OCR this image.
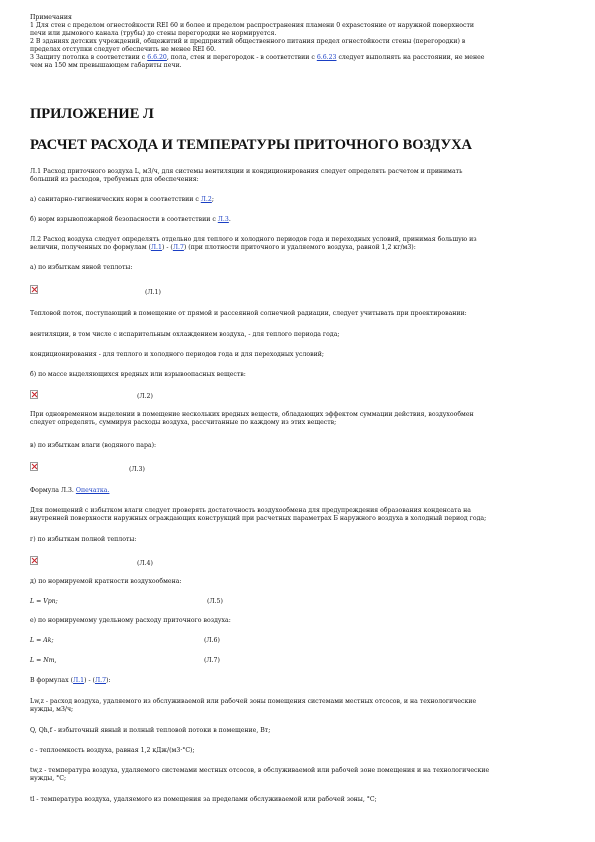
Примечания
1 Для стен с пределом огнестойкости REI 60 и более и пределом распространения пламени 0 expasстояние от наружной поверхности
печи или дымового канала (трубы) до стены перегородки не нормируется.
2 В зданиях детских учреждений, общежитий и предприятий общественного питания предел огнестойкости стены (перегородки) в
пределах отступки следует обеспечить не менее REI 60.
3 Защиту потолка в соответствии с 6.6.20, пола, стен и перегородок - в соответствии с 6.6.23 следует выполнять на расстоянии, не менее
чем на 150 мм превышающем габариты печи.
ПРИЛОЖЕНИЕ Л
РАСЧЕТ РАСХОДА И ТЕМПЕРАТУРЫ ПРИТОЧНОГО ВОЗДУХА
Л.1 Расход приточного воздуха L, м3/ч, для системы вентиляции и кондиционирования следует определять расчетом и принимать
больший из расходов, требуемых для обеспечения:
а) санитарно-гигиенических норм в соответствии с Л.2;
б) норм взрывопожарной безопасности в соответствии с Л.3.
Л.2 Расход воздуха следует определять отдельно для теплого и холодного периодов года и переходных условий, принимая большую из
величин, полученных по формулам (Л.1) - (Л.7) (при плотности приточного и удаляемого воздуха, равной 1,2 кг/м3):
а) по избыткам явной теплоты:
(Л.1)
Тепловой поток, поступающий в помещение от прямой и рассеянной солнечной радиации, следует учитывать при проектировании:
вентиляции, в том числе с испарительным охлаждением воздуха, - для теплого периода года;
кондиционирования - для теплого и холодного периодов года и для переходных условий;
б) по массе выделяющихся вредных или взрывоопасных веществ:
(Л.2)
При одновременном выделении в помещение нескольких вредных веществ, обладающих эффектом суммации действия, воздухообмен
следует определять, суммируя расходы воздуха, рассчитанные по каждому из этих веществ;
в) по избыткам влаги (водяного пара):
(Л.3)
Формула Л.3. Опечатка.
Для помещений с избытком влаги следует проверять достаточность воздухообмена для предупреждения образования конденсата на
внутренней поверхности наружных ограждающих конструкций при расчетных параметрах Б наружного воздуха в холодный период года;
г) по избыткам полной теплоты:
(Л.4)
д) по нормируемой кратности воздухообмена:
L = Vpn;	(Л.5)
е) по нормируемому удельному расходу приточного воздуха:
L = Ak;	(Л.6)
L = Nm,	(Л.7)
В формулах (Л.1) - (Л.7):
Lw,z - расход воздуха, удаляемого из обслуживаемой или рабочей зоны помещения системами местных отсосов, и на технологические
нужды, м3/ч;
Q, Qh,f - избыточный явный и полный тепловой потоки в помещение, Вт;
c - теплоемкость воздуха, равная 1,2 кДж/(м3·°C);
tw,z - температура воздуха, удаляемого системами местных отсосов, в обслуживаемой или рабочей зоне помещения и на технологические
нужды, °C;
tl - температура воздуха, удаляемого из помещения за пределами обслуживаемой или рабочей зоны, °C;
